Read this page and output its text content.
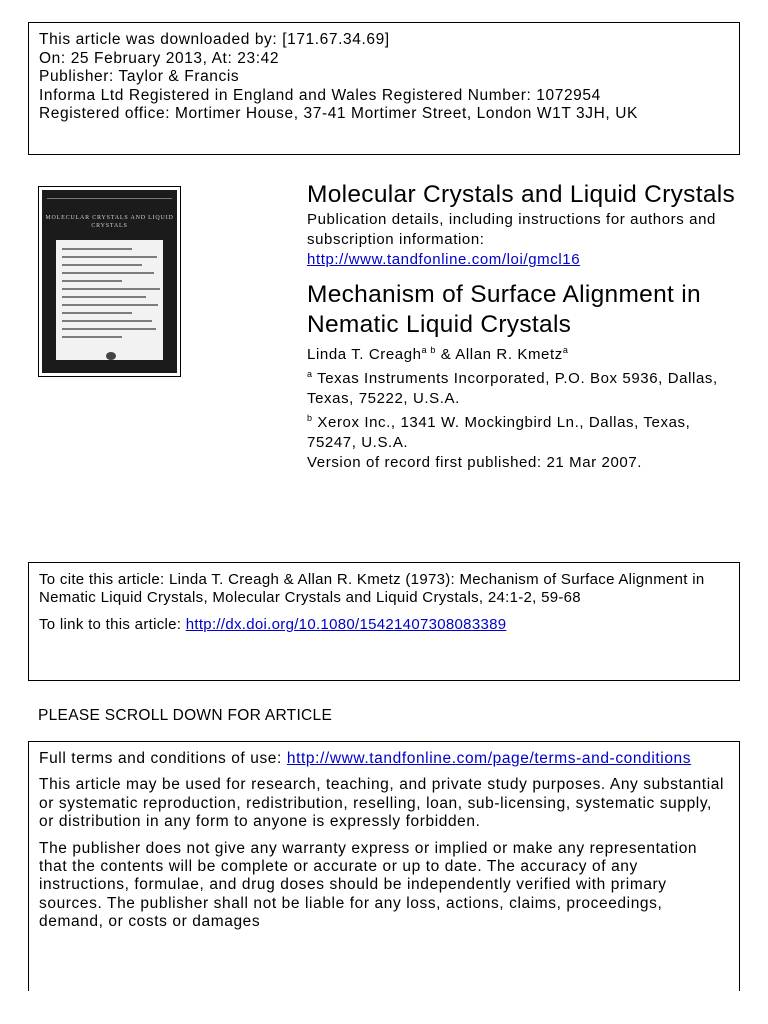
This article was downloaded by: [171.67.34.69]
On: 25 February 2013, At: 23:42
Publisher: Taylor & Francis
Informa Ltd Registered in England and Wales Registered Number: 1072954
Registered office: Mortimer House, 37-41 Mortimer Street, London W1T 3JH, UK
MOLECULAR CRYSTALS AND LIQUID CRYSTALS
Molecular Crystals and Liquid Crystals
Publication details, including instructions for authors and subscription information:
http://www.tandfonline.com/loi/gmcl16
Mechanism of Surface Alignment in Nematic Liquid Crystals
Linda T. Creagh$^{a b}$ & Allan R. Kmetz$^a$
$^a$ Texas Instruments Incorporated, P.O. Box 5936, Dallas, Texas, 75222, U.S.A.
$^b$ Xerox Inc., 1341 W. Mockingbird Ln., Dallas, Texas, 75247, U.S.A.
Version of record first published: 21 Mar 2007.
To cite this article: Linda T. Creagh & Allan R. Kmetz (1973): Mechanism of Surface Alignment in Nematic Liquid Crystals, Molecular Crystals and Liquid Crystals, 24:1-2, 59-68
To link to this article: http://dx.doi.org/10.1080/15421407308083389
PLEASE SCROLL DOWN FOR ARTICLE

Full terms and conditions of use: http://www.tandfonline.com/page/terms-and-conditions

This article may be used for research, teaching, and private study purposes. Any substantial or systematic reproduction, redistribution, reselling, loan, sub-licensing, systematic supply, or distribution in any form to anyone is expressly forbidden.

The publisher does not give any warranty express or implied or make any representation that the contents will be complete or accurate or up to date. The accuracy of any instructions, formulae, and drug doses should be independently verified with primary sources. The publisher shall not be liable for any loss, actions, claims, proceedings, demand, or costs or damages
